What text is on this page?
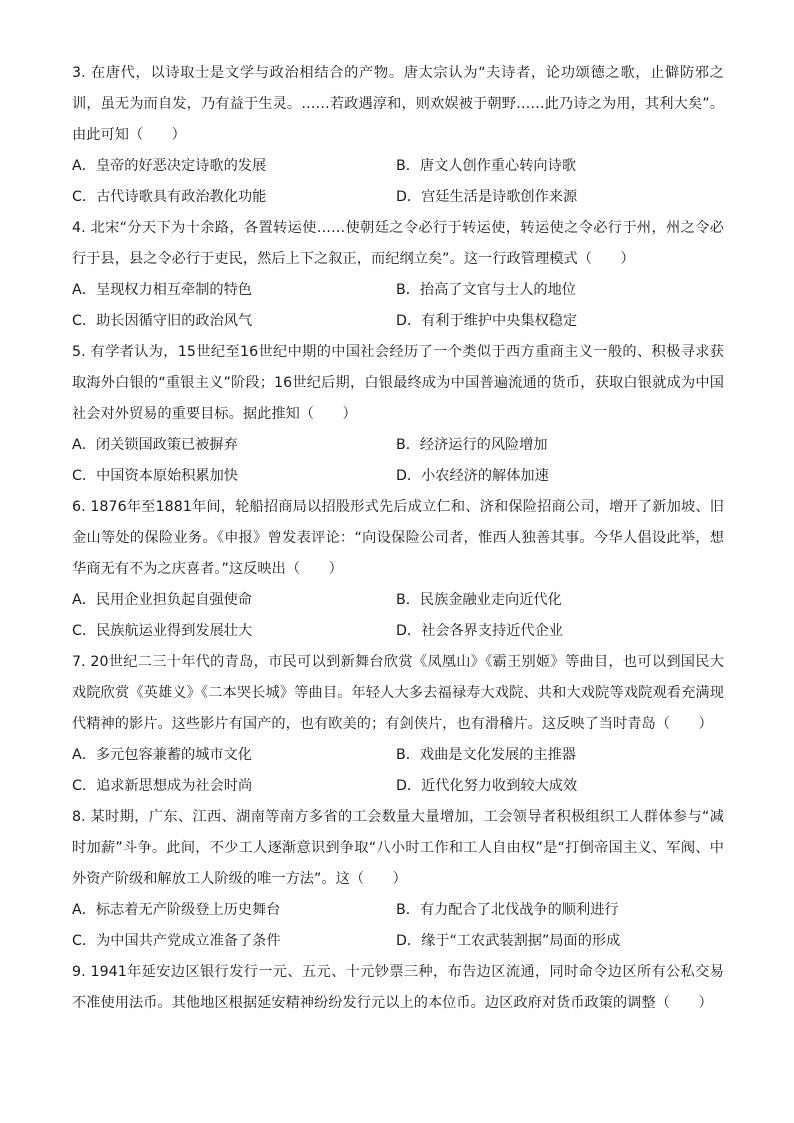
3. 在唐代，以诗取士是文学与政治相结合的产物。唐太宗认为“夫诗者，论功颂德之歌，止僻防邪之训，虽无为而自发，乃有益于生灵。……若政遇淳和，则欢娱被于朝野……此乃诗之为用，其利大矣”。由此可知（　　）

A．皇帝的好恶决定诗歌的发展	B．唐文人创作重心转向诗歌
C．古代诗歌具有政治教化功能	D．宫廷生活是诗歌创作来源

4. 北宋“分天下为十余路，各置转运使……使朝廷之令必行于转运使，转运使之令必行于州，州之令必行于县，县之令必行于吏民，然后上下之叙正，而纪纲立矣”。这一行政管理模式（　　）

A．呈现权力相互牵制的特色	B．抬高了文官与士人的地位
C．助长因循守旧的政治风气	D．有利于维护中央集权稳定

5. 有学者认为，15世纪至16世纪中期的中国社会经历了一个类似于西方重商主义一般的、积极寻求获取海外白银的“重银主义”阶段；16世纪后期，白银最终成为中国普遍流通的货币，获取白银就成为中国社会对外贸易的重要目标。据此推知（　　）

A．闭关锁国政策已被摒弃	B．经济运行的风险增加
C．中国资本原始积累加快	D．小农经济的解体加速

6. 1876年至1881年间，轮船招商局以招股形式先后成立仁和、济和保险招商公司，增开了新加坡、旧金山等处的保险业务。《申报》曾发表评论：“向设保险公司者，惟西人独善其事。今华人倡设此举，想华商无有不为之庆喜者。”这反映出（　　）

A．民用企业担负起自强使命	B．民族金融业走向近代化
C．民族航运业得到发展壮大	D．社会各界支持近代企业

7. 20世纪二三十年代的青岛，市民可以到新舞台欣赏《凤凰山》《霸王别姬》等曲目，也可以到国民大戏院欣赏《英雄义》《二本哭长城》等曲目。年轻人大多去福禄寿大戏院、共和大戏院等戏院观看充满现代精神的影片。这些影片有国产的，也有欧美的；有剑侠片，也有滑稽片。这反映了当时青岛（　　）

A．多元包容兼蓄的城市文化	B．戏曲是文化发展的主推器
C．追求新思想成为社会时尚	D．近代化努力收到较大成效

8. 某时期，广东、江西、湖南等南方多省的工会数量大量增加，工会领导者积极组织工人群体参与“减时加薪”斗争。此间，不少工人逐渐意识到争取“八小时工作和工人自由权”是“打倒帝国主义、军阀、中外资产阶级和解放工人阶级的唯一方法”。这（　　）

A．标志着无产阶级登上历史舞台	B．有力配合了北伐战争的顺利进行
C．为中国共产党成立准备了条件	D．缘于“工农武装割据”局面的形成

9. 1941年延安边区银行发行一元、五元、十元钞票三种，布告边区流通，同时命令边区所有公私交易不准使用法币。其他地区根据延安精神纷纷发行元以上的本位币。边区政府对货币政策的调整（　　）
